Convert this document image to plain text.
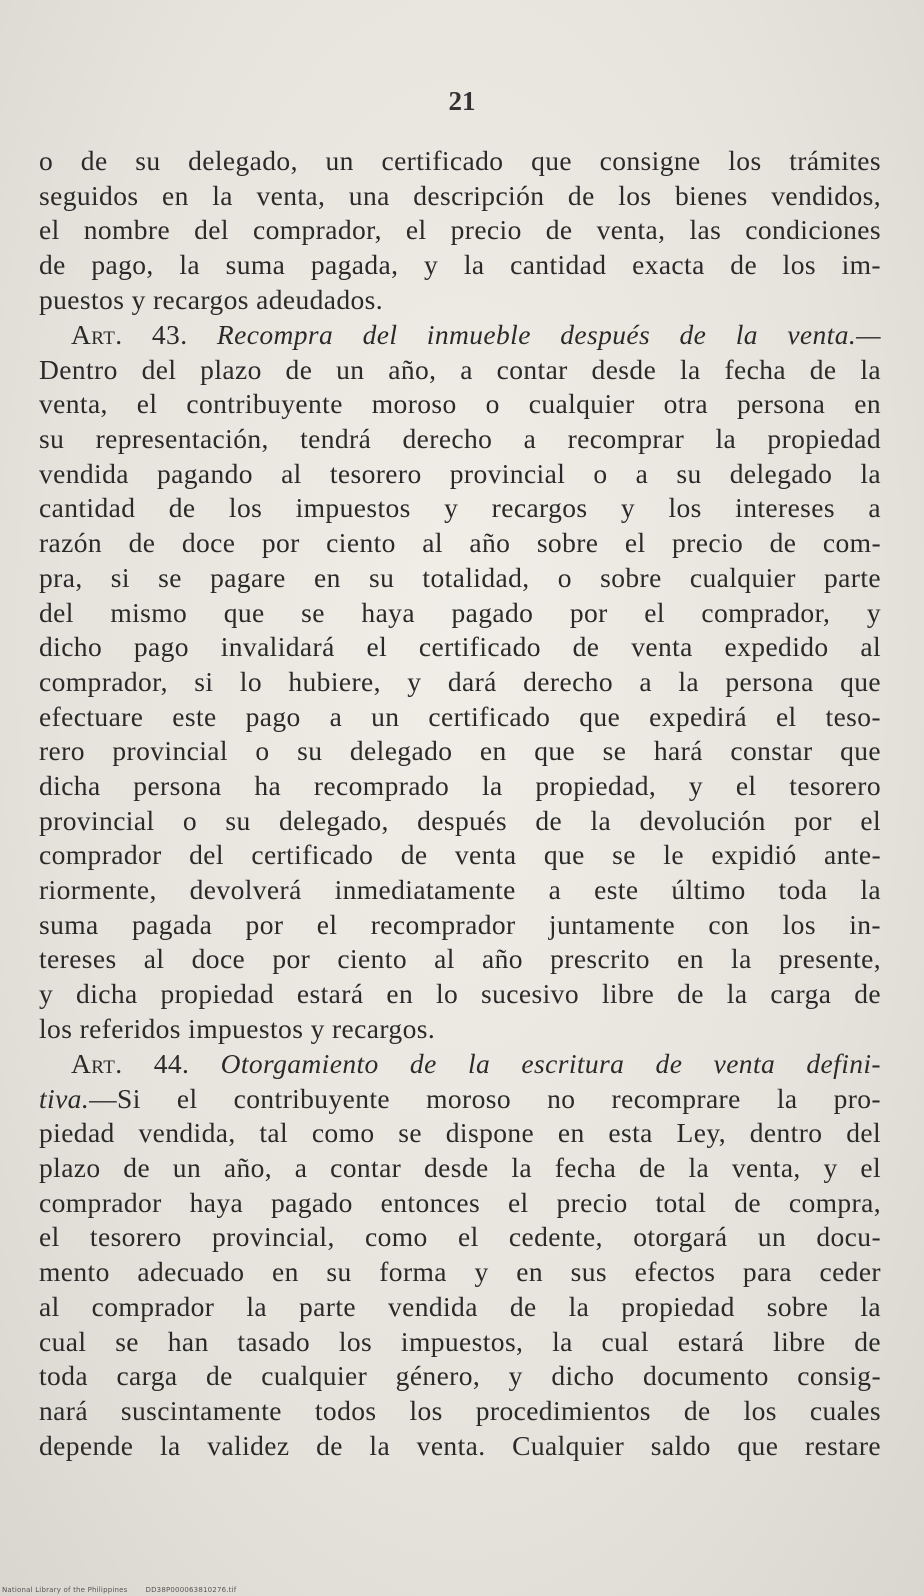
21
o de su delegado, un certificado que consigne los trámites
seguidos en la venta, una descripción de los bienes vendidos,
el nombre del comprador, el precio de venta, las condiciones
de pago, la suma pagada, y la cantidad exacta de los im-
puestos y recargos adeudados.
Art. 43. Recompra del inmueble después de la venta.—
Dentro del plazo de un año, a contar desde la fecha de la
venta, el contribuyente moroso o cualquier otra persona en
su representación, tendrá derecho a recomprar la propiedad
vendida pagando al tesorero provincial o a su delegado la
cantidad de los impuestos y recargos y los intereses a
razón de doce por ciento al año sobre el precio de com-
pra, si se pagare en su totalidad, o sobre cualquier parte
del mismo que se haya pagado por el comprador, y
dicho pago invalidará el certificado de venta expedido al
comprador, si lo hubiere, y dará derecho a la persona que
efectuare este pago a un certificado que expedirá el teso-
rero provincial o su delegado en que se hará constar que
dicha persona ha recomprado la propiedad, y el tesorero
provincial o su delegado, después de la devolución por el
comprador del certificado de venta que se le expidió ante-
riormente, devolverá inmediatamente a este último toda la
suma pagada por el recomprador juntamente con los in-
tereses al doce por ciento al año prescrito en la presente,
y dicha propiedad estará en lo sucesivo libre de la carga de
los referidos impuestos y recargos.
Art. 44. Otorgamiento de la escritura de venta defini-
tiva.—Si el contribuyente moroso no recomprare la pro-
piedad vendida, tal como se dispone en esta Ley, dentro del
plazo de un año, a contar desde la fecha de la venta, y el
comprador haya pagado entonces el precio total de compra,
el tesorero provincial, como el cedente, otorgará un docu-
mento adecuado en su forma y en sus efectos para ceder
al comprador la parte vendida de la propiedad sobre la
cual se han tasado los impuestos, la cual estará libre de
toda carga de cualquier género, y dicho documento consig-
nará suscintamente todos los procedimientos de los cuales
depende la validez de la venta. Cualquier saldo que restare
National Library of the Philippines	DD38P000063810276.tif
